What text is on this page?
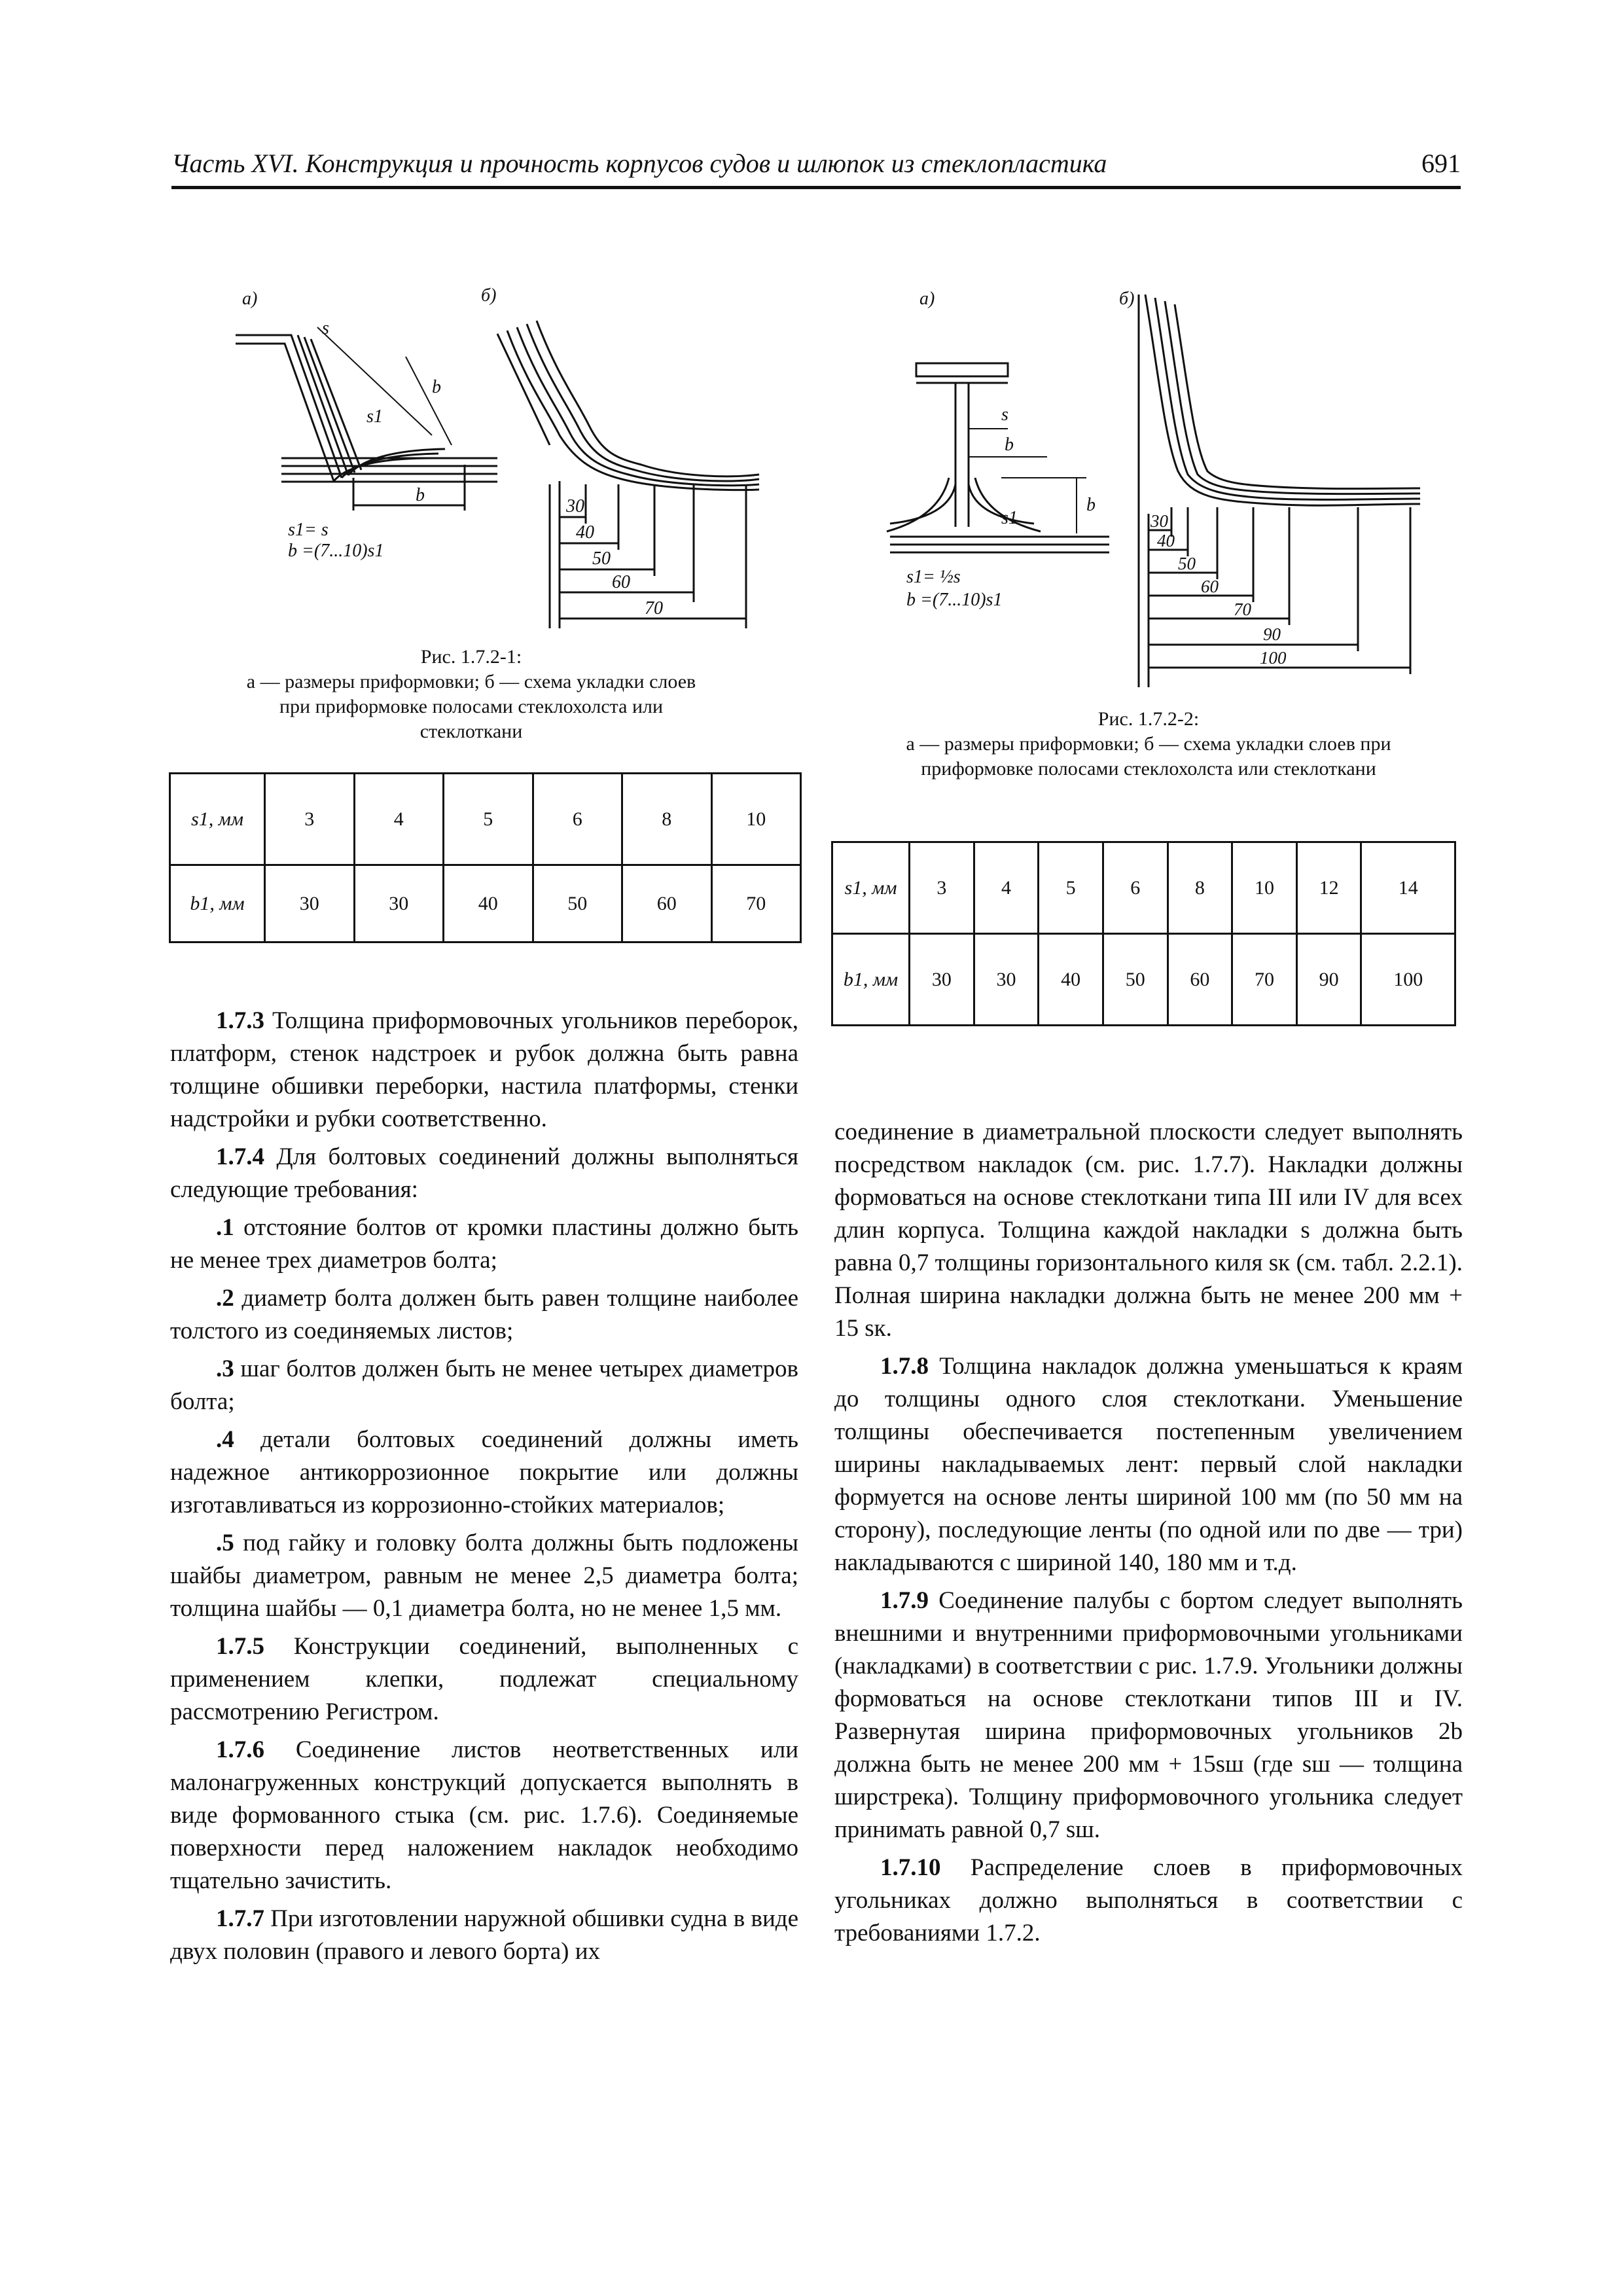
Часть XVI. Конструкция и прочность корпусов судов и шлюпок из стеклопластика	691
а)	б)
s
s1
b
b
s1= s
b =(7...10)s1
30
40
50
60
70
Рис. 1.7.2-1:
а — размеры приформовки; б — схема укладки слоев при приформовке полосами стеклохолста или стеклоткани
s1, мм	3	4	5	6	8	10
b1, мм	30	30	40	50	60	70
а)	б)
s
b
b
s1
s1= ½s
b =(7...10)s1
30
40
50
60
70
90
100
Рис. 1.7.2-2:
а — размеры приформовки; б — схема укладки слоев при приформовке полосами стеклохолста или стеклоткани
s1, мм	3	4	5	6	8	10	12	14
b1, мм	30	30	40	50	60	70	90	100

1.7.3 Толщина приформовочных угольников переборок, платформ, стенок надстроек и рубок должна быть равна толщине обшивки переборки, настила платформы, стенки надстройки и рубки соответственно.

1.7.4 Для болтовых соединений должны выполняться следующие требования:

.1 отстояние болтов от кромки пластины должно быть не менее трех диаметров болта;

.2 диаметр болта должен быть равен толщине наиболее толстого из соединяемых листов;

.3 шаг болтов должен быть не менее четырех диаметров болта;

.4 детали болтовых соединений должны иметь надежное антикоррозионное покрытие или должны изготавливаться из коррозионно-стойких материалов;

.5 под гайку и головку болта должны быть подложены шайбы диаметром, равным не менее 2,5 диаметра болта; толщина шайбы — 0,1 диаметра болта, но не менее 1,5 мм.

1.7.5 Конструкции соединений, выполненных с применением клепки, подлежат специальному рассмотрению Регистром.

1.7.6 Соединение листов неответственных или малонагруженных конструкций допускается выполнять в виде формованного стыка (см. рис. 1.7.6). Соединяемые поверхности перед наложением накладок необходимо тщательно зачистить.

1.7.7 При изготовлении наружной обшивки судна в виде двух половин (правого и левого борта) их

соединение в диаметральной плоскости следует выполнять посредством накладок (см. рис. 1.7.7). Накладки должны формоваться на основе стеклоткани типа III или IV для всех длин корпуса. Толщина каждой накладки s должна быть равна 0,7 толщины горизонтального киля sк (см. табл. 2.2.1). Полная ширина накладки должна быть не менее 200 мм + 15 sк.

1.7.8 Толщина накладок должна уменьшаться к краям до толщины одного слоя стеклоткани. Уменьшение толщины обеспечивается постепенным увеличением ширины накладываемых лент: первый слой накладки формуется на основе ленты шириной 100 мм (по 50 мм на сторону), последующие ленты (по одной или по две — три) накладываются с шириной 140, 180 мм и т.д.

1.7.9 Соединение палубы с бортом следует выполнять внешними и внутренними приформовочными угольниками (накладками) в соответствии с рис. 1.7.9. Угольники должны формоваться на основе стеклоткани типов III и IV. Развернутая ширина приформовочных угольников 2b должна быть не менее 200 мм + 15sш (где sш — толщина ширстрека). Толщину приформовочного угольника следует принимать равной 0,7 sш.

1.7.10 Распределение слоев в приформовочных угольниках должно выполняться в соответствии с требованиями 1.7.2.
